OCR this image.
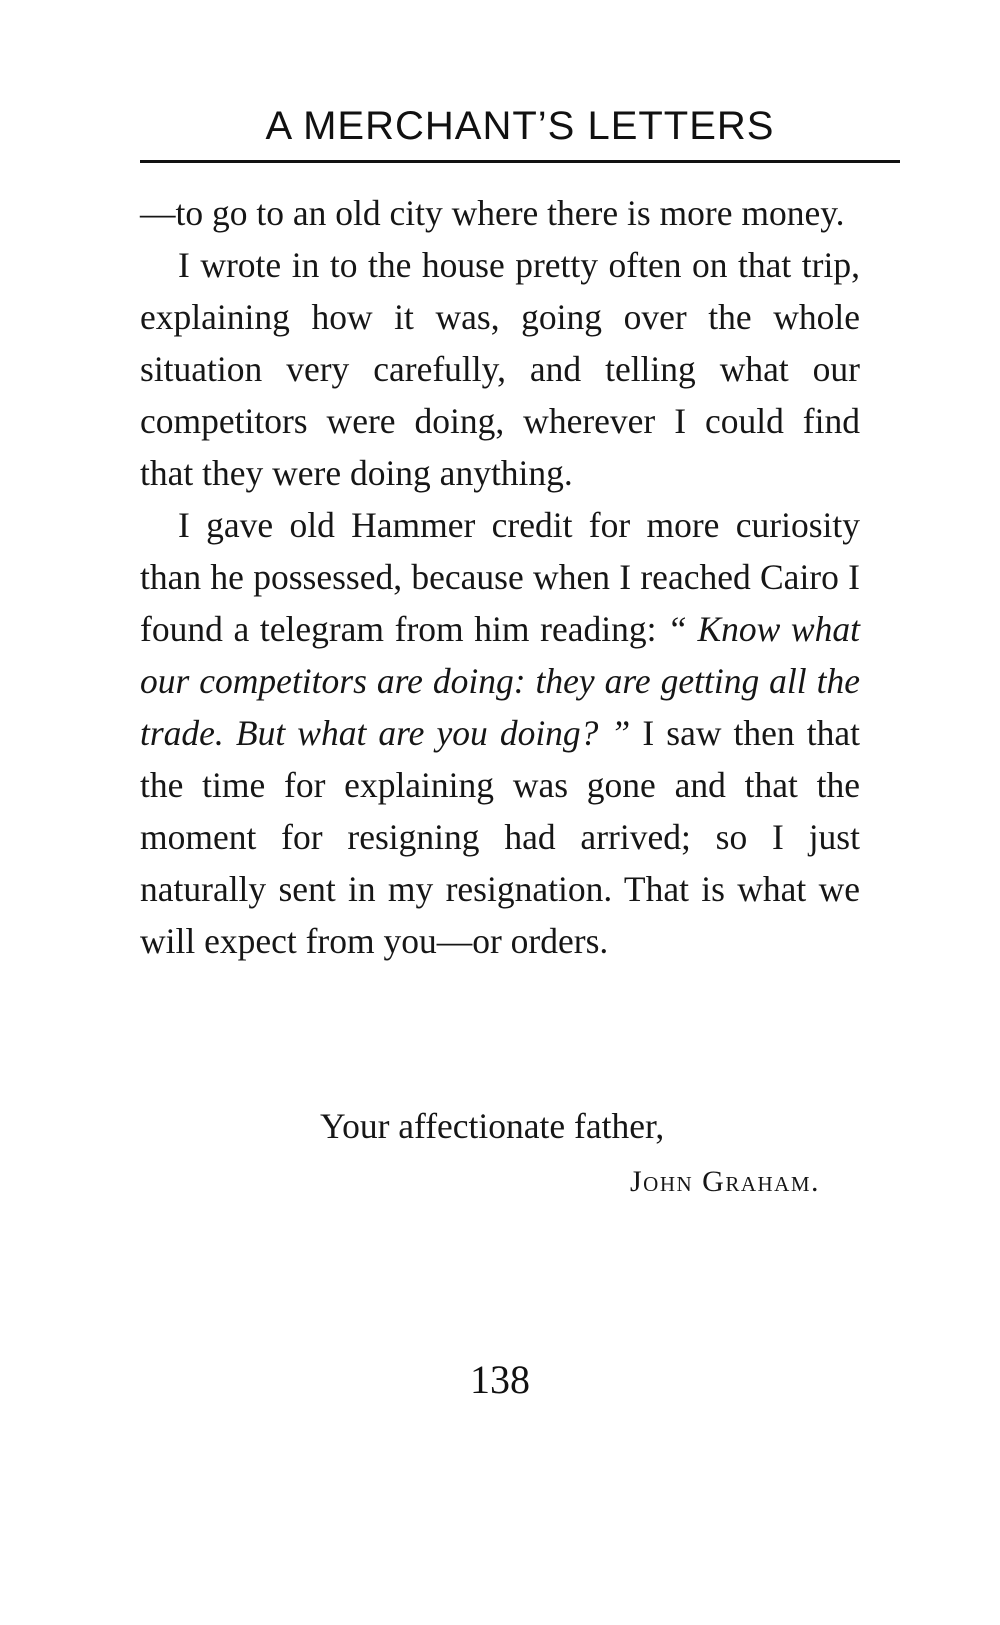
A MERCHANT’S LETTERS

—to go to an old city where there is more money.

I wrote in to the house pretty often on that trip, explaining how it was, going over the whole situation very carefully, and telling what our competitors were doing, wherever I could find that they were doing anything.

I gave old Hammer credit for more curiosity than he possessed, because when I reached Cairo I found a telegram from him reading: “ Know what our competitors are doing: they are getting all the trade. But what are you doing? ” I saw then that the time for explaining was gone and that the moment for resigning had arrived; so I just naturally sent in my resignation. That is what we will expect from you—or orders.

Your affectionate father,
John Graham.
138
